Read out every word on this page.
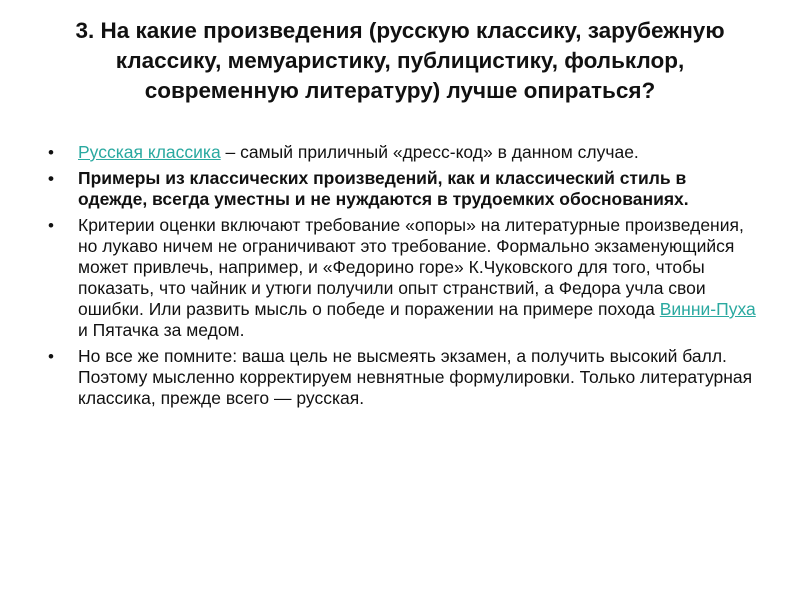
3. На какие произведения (русскую классику, зарубежную классику, мемуаристику, публицистику, фольклор, современную литературу) лучше опираться?
• Русская классика – самый приличный «дресс-код» в данном случае.
• Примеры из классических произведений, как и классический стиль в одежде, всегда уместны и не нуждаются в трудоемких обоснованиях.
• Критерии оценки включают требование «опоры» на литературные произведения, но лукаво ничем не ограничивают это требование. Формально экзаменующийся может привлечь, например, и «Федорино горе» К.Чуковского для того, чтобы показать, что чайник и утюги получили опыт странствий, а Федора учла свои ошибки. Или развить мысль о победе и поражении на примере похода Винни-Пуха и Пятачка за медом.
• Но все же помните: ваша цель не высмеять экзамен, а получить высокий балл. Поэтому мысленно корректируем невнятные формулировки. Только литературная классика, прежде всего — русская.
